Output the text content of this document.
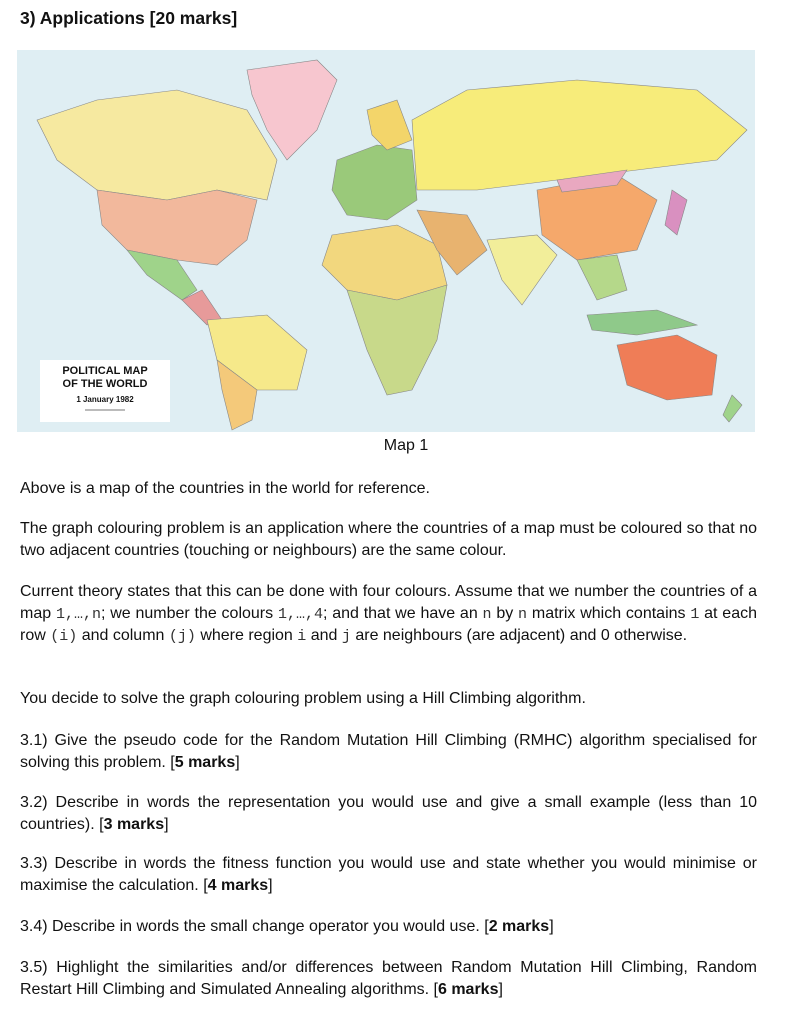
3) Applications [20 marks]
POLITICAL MAP
OF THE WORLD
1 January 1982
Map 1

Above is a map of the countries in the world for reference.

The graph colouring problem is an application where the countries of a map must be coloured so that no two adjacent countries (touching or neighbours) are the same colour.

Current theory states that this can be done with four colours. Assume that we number the countries of a map 1,…,n; we number the colours 1,…,4; and that we have an n by n matrix which contains 1 at each row (i) and column (j) where region i and j are neighbours (are adjacent) and 0 otherwise.

You decide to solve the graph colouring problem using a Hill Climbing algorithm.

3.1) Give the pseudo code for the Random Mutation Hill Climbing (RMHC) algorithm specialised for solving this problem. [5 marks]

3.2) Describe in words the representation you would use and give a small example (less than 10 countries). [3 marks]

3.3) Describe in words the fitness function you would use and state whether you would minimise or maximise the calculation. [4 marks]

3.4) Describe in words the small change operator you would use. [2 marks]

3.5) Highlight the similarities and/or differences between Random Mutation Hill Climbing, Random Restart Hill Climbing and Simulated Annealing algorithms. [6 marks]
